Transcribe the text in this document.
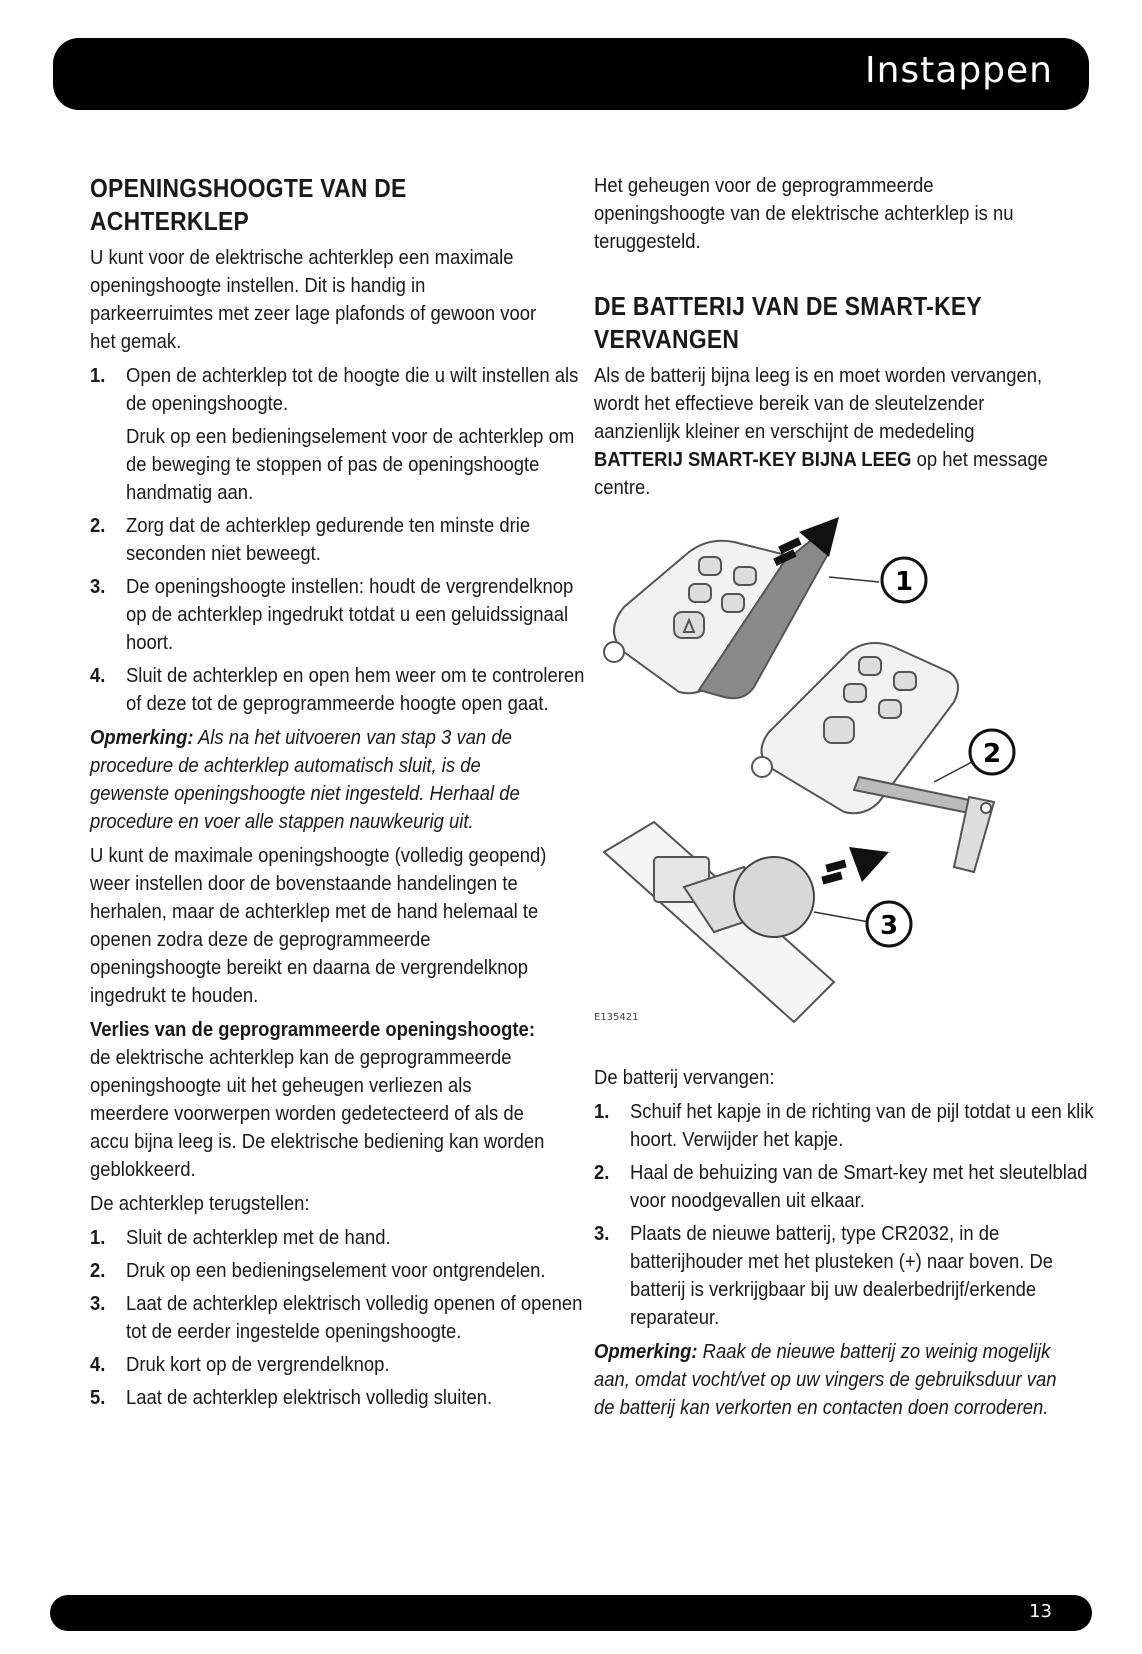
Instappen
OPENINGSHOOGTE VAN DE ACHTERKLEP

U kunt voor de elektrische achterklep een maximale openingshoogte instellen. Dit is handig in parkeerruimtes met zeer lage plafonds of gewoon voor het gemak.

1. Open de achterklep tot de hoogte die u wilt instellen als de openingshoogte.
Druk op een bedieningselement voor de achterklep om de beweging te stoppen of pas de openingshoogte handmatig aan.
2. Zorg dat de achterklep gedurende ten minste drie seconden niet beweegt.
3. De openingshoogte instellen: houdt de vergrendelknop op de achterklep ingedrukt totdat u een geluidssignaal hoort.
4. Sluit de achterklep en open hem weer om te controleren of deze tot de geprogrammeerde hoogte open gaat.

Opmerking: Als na het uitvoeren van stap 3 van de procedure de achterklep automatisch sluit, is de gewenste openingshoogte niet ingesteld. Herhaal de procedure en voer alle stappen nauwkeurig uit.

U kunt de maximale openingshoogte (volledig geopend) weer instellen door de bovenstaande handelingen te herhalen, maar de achterklep met de hand helemaal te openen zodra deze de geprogrammeerde openingshoogte bereikt en daarna de vergrendelknop ingedrukt te houden.

Verlies van de geprogrammeerde openingshoogte: de elektrische achterklep kan de geprogrammeerde openingshoogte uit het geheugen verliezen als meerdere voorwerpen worden gedetecteerd of als de accu bijna leeg is. De elektrische bediening kan worden geblokkeerd.

De achterklep terugstellen:

1. Sluit de achterklep met de hand.
2. Druk op een bedieningselement voor ontgrendelen.
3. Laat de achterklep elektrisch volledig openen of openen tot de eerder ingestelde openingshoogte.
4. Druk kort op de vergrendelknop.
5. Laat de achterklep elektrisch volledig sluiten.

Het geheugen voor de geprogrammeerde openingshoogte van de elektrische achterklep is nu teruggesteld.

DE BATTERIJ VAN DE SMART-KEY VERVANGEN

Als de batterij bijna leeg is en moet worden vervangen, wordt het effectieve bereik van de sleutelzender aanzienlijk kleiner en verschijnt de mededeling BATTERIJ SMART-KEY BIJNA LEEG op het message centre.

1
2
3
E135421

De batterij vervangen:

1. Schuif het kapje in de richting van de pijl totdat u een klik hoort. Verwijder het kapje.
2. Haal de behuizing van de Smart-key met het sleutelblad voor noodgevallen uit elkaar.
3. Plaats de nieuwe batterij, type CR2032, in de batterijhouder met het plusteken (+) naar boven. De batterij is verkrijgbaar bij uw dealerbedrijf/erkende reparateur.

Opmerking: Raak de nieuwe batterij zo weinig mogelijk aan, omdat vocht/vet op uw vingers de gebruiksduur van de batterij kan verkorten en contacten doen corroderen.

13
